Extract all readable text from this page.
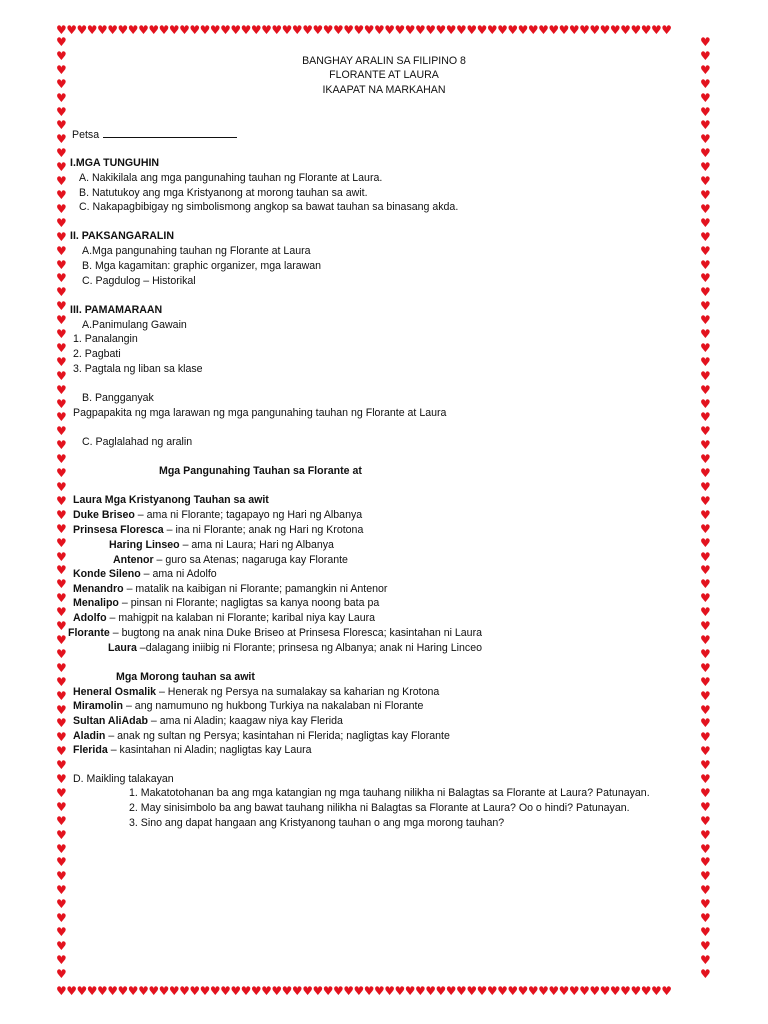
♥♥♥♥♥♥♥♥♥♥♥♥♥♥♥♥♥♥♥♥♥♥♥♥♥♥♥♥♥♥♥♥♥♥♥♥♥♥♥♥♥♥♥♥♥♥♥♥♥♥♥♥♥♥♥♥♥♥♥♥
♥♥♥♥♥♥♥♥♥♥♥♥♥♥♥♥♥♥♥♥♥♥♥♥♥♥♥♥♥♥♥♥♥♥♥♥♥♥♥♥♥♥♥♥♥♥♥♥♥♥♥♥♥♥♥♥♥♥♥♥
♥♥♥♥♥♥♥♥♥♥♥♥♥♥♥♥♥♥♥♥♥♥♥♥♥♥♥♥♥♥♥♥♥♥♥♥♥♥♥♥♥♥♥♥♥♥♥♥♥♥♥♥♥♥♥♥♥♥♥♥♥♥♥♥♥♥♥♥
♥♥♥♥♥♥♥♥♥♥♥♥♥♥♥♥♥♥♥♥♥♥♥♥♥♥♥♥♥♥♥♥♥♥♥♥♥♥♥♥♥♥♥♥♥♥♥♥♥♥♥♥♥♥♥♥♥♥♥♥♥♥♥♥♥♥♥♥
BANGHAY ARALIN SA FILIPINO 8
FLORANTE AT LAURA
IKAAPAT NA MARKAHAN
Petsa
I.MGA TUNGUHIN
A. Nakikilala ang mga pangunahing tauhan ng Florante at Laura.
B. Natutukoy ang mga Kristyanong at morong tauhan sa awit.
C. Nakapagbibigay ng simbolismong angkop sa bawat tauhan sa binasang akda.
II. PAKSANGARALIN
A.Mga pangunahing tauhan ng Florante at Laura
B. Mga kagamitan: graphic organizer, mga larawan
C. Pagdulog – Historikal
III. PAMAMARAAN
A.Panimulang Gawain
1. Panalangin
2. Pagbati
3. Pagtala ng liban sa klase
B. Pangganyak
Pagpapakita ng mga larawan ng mga pangunahing tauhan ng Florante at Laura
C. Paglalahad ng aralin
Mga Pangunahing Tauhan sa Florante at
Laura Mga Kristyanong Tauhan sa awit
Duke Briseo – ama ni Florante; tagapayo ng Hari ng Albanya
Prinsesa Floresca – ina ni Florante; anak ng Hari ng Krotona
Haring Linseo – ama ni Laura; Hari ng Albanya
Antenor – guro sa Atenas; nagaruga kay Florante
Konde Sileno – ama ni Adolfo
Menandro – matalik na kaibigan ni Florante; pamangkin ni Antenor
Menalipo – pinsan ni Florante; nagligtas sa kanya noong bata pa
Adolfo – mahigpit na kalaban ni Florante; karibal niya kay Laura
Florante – bugtong na anak nina Duke Briseo at Prinsesa Floresca; kasintahan ni Laura
Laura –dalagang iniibig ni Florante; prinsesa ng Albanya; anak ni Haring Linceo
Mga Morong tauhan sa awit
Heneral Osmalik – Henerak ng Persya na sumalakay sa kaharian ng Krotona
Miramolin – ang namumuno ng hukbong Turkiya na nakalaban ni Florante
Sultan AliAdab – ama ni Aladin; kaagaw niya kay Flerida
Aladin – anak ng sultan ng Persya; kasintahan ni Flerida; nagligtas kay Florante
Flerida – kasintahan ni Aladin; nagligtas kay Laura
D. Maikling talakayan
1. Makatotohanan ba ang mga katangian ng mga tauhang nilikha ni Balagtas sa Florante at Laura? Patunayan.
2. May sinisimbolo ba ang bawat tauhang nilikha ni Balagtas sa Florante at Laura? Oo o hindi? Patunayan.
3. Sino ang dapat hangaan ang Kristyanong tauhan o ang mga morong tauhan?
